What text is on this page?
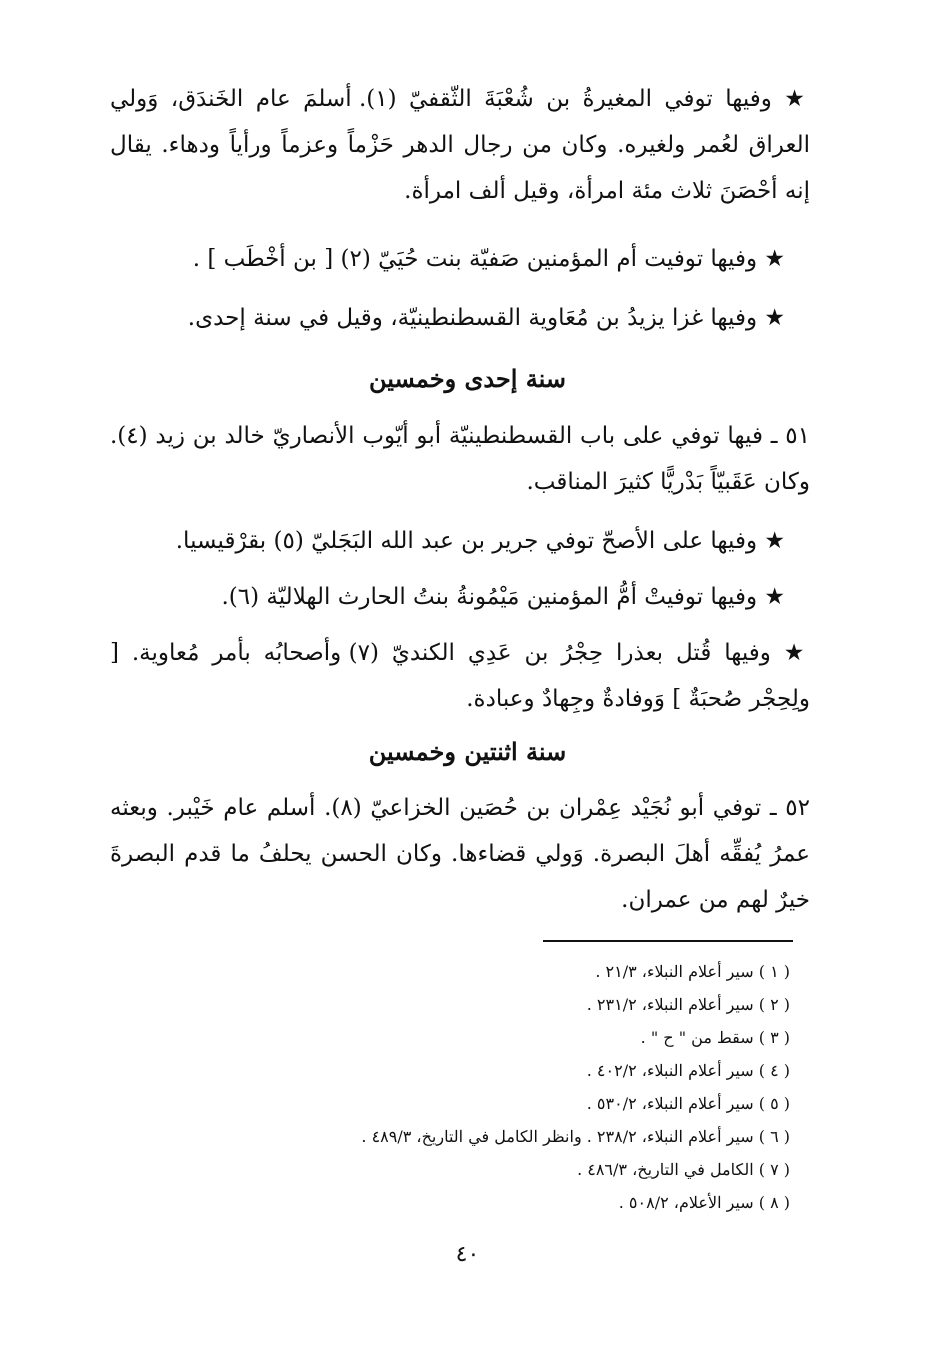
★ وفيها توفي المغيرةُ بن شُعْبَةَ الثّقفيّ (١). أسلمَ عام الخَندَق، وَولي العراق لعُمر ولغيره. وكان من رجال الدهر حَزْماً وعزماً ورأياً ودهاء. يقال إنه أحْصَنَ ثلاث مئة امرأة، وقيل ألف امرأة.

★ وفيها توفيت أم المؤمنين صَفيّة بنت حُيَيّ (٢) [ بن أخْطَب ] .

★ وفيها غزا يزيدُ بن مُعَاوية القسطنطينيّة، وقيل في سنة إحدى.

سنة إحدى وخمسين

٥١ ـ فيها توفي على باب القسطنطينيّة أبو أيّوب الأنصاريّ خالد بن زيد (٤). وكان عَقَبيّاً بَدْريًّا كثيرَ المناقب.

★ وفيها على الأصحّ توفي جرير بن عبد الله البَجَليّ (٥) بقرْقيسيا.

★ وفيها توفيتْ أمُّ المؤمنين مَيْمُونةُ بنتُ الحارث الهلاليّة (٦).

★ وفيها قُتل بعذرا حِجْرُ بن عَدِي الكنديّ (٧) وأصحابُه بأمر مُعاوية. [ ولِحِجْر صُحبَةٌ ] وَوفادةٌ وجِهادٌ وعبادة.

سنة اثنتين وخمسين

٥٢ ـ توفي أبو نُجَيْد عِمْران بن حُصَين الخزاعيّ (٨). أسلم عام خَيْبر. وبعثه عمرُ يُفقِّه أهلَ البصرة. وَولي قضاءها. وكان الحسن يحلفُ ما قدم البصرةَ خيرٌ لهم من عمران.

( ١ ) سير أعلام النبلاء، ٢١/٣ .
( ٢ ) سير أعلام النبلاء، ٢٣١/٢ .
( ٣ ) سقط من " ح " .
( ٤ ) سير أعلام النبلاء، ٤٠٢/٢ .
( ٥ ) سير أعلام النبلاء، ٥٣٠/٢ .
( ٦ ) سير أعلام النبلاء، ٢٣٨/٢ . وانظر الكامل في التاريخ، ٤٨٩/٣ .
( ٧ ) الكامل في التاريخ، ٤٨٦/٣ .
( ٨ ) سير الأعلام، ٥٠٨/٢ .
٤٠
